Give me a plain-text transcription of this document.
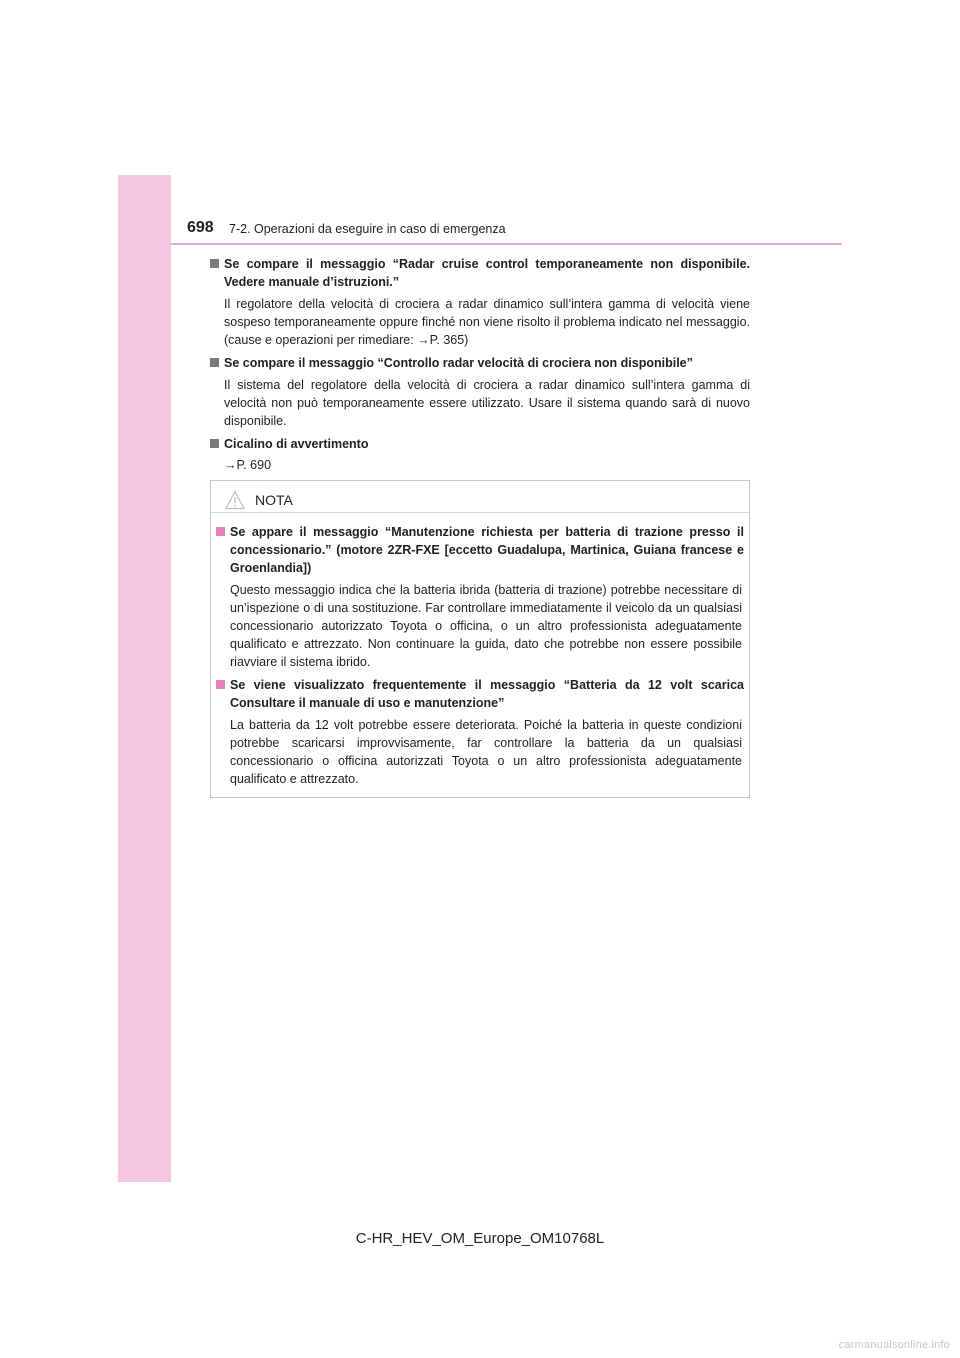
698 7-2. Operazioni da eseguire in caso di emergenza
Se compare il messaggio “Radar cruise control temporaneamente non disponibile. Vedere manuale d’istruzioni.”
Il regolatore della velocità di crociera a radar dinamico sull’intera gamma di velocità viene sospeso temporaneamente oppure finché non viene risolto il problema indicato nel messaggio. (cause e operazioni per rimediare: →P. 365)
Se compare il messaggio “Controllo radar velocità di crociera non disponibile”
Il sistema del regolatore della velocità di crociera a radar dinamico sull’intera gamma di velocità non può temporaneamente essere utilizzato. Usare il sistema quando sarà di nuovo disponibile.
Cicalino di avvertimento
→P. 690
NOTA
Se appare il messaggio “Manutenzione richiesta per batteria di trazione presso il concessionario.” (motore 2ZR-FXE [eccetto Guadalupa, Martinica, Guiana francese e Groenlandia])
Questo messaggio indica che la batteria ibrida (batteria di trazione) potrebbe necessitare di un’ispezione o di una sostituzione. Far controllare immediatamente il veicolo da un qualsiasi concessionario autorizzato Toyota o officina, o un altro professionista adeguatamente qualificato e attrezzato. Non continuare la guida, dato che potrebbe non essere possibile riavviare il sistema ibrido.
Se viene visualizzato frequentemente il messaggio “Batteria da 12 volt scarica Consultare il manuale di uso e manutenzione”
La batteria da 12 volt potrebbe essere deteriorata. Poiché la batteria in queste condizioni potrebbe scaricarsi improvvisamente, far controllare la batteria da un qualsiasi concessionario o officina autorizzati Toyota o un altro professionista adeguatamente qualificato e attrezzato.
C-HR_HEV_OM_Europe_OM10768L
carmanualsonline.info
